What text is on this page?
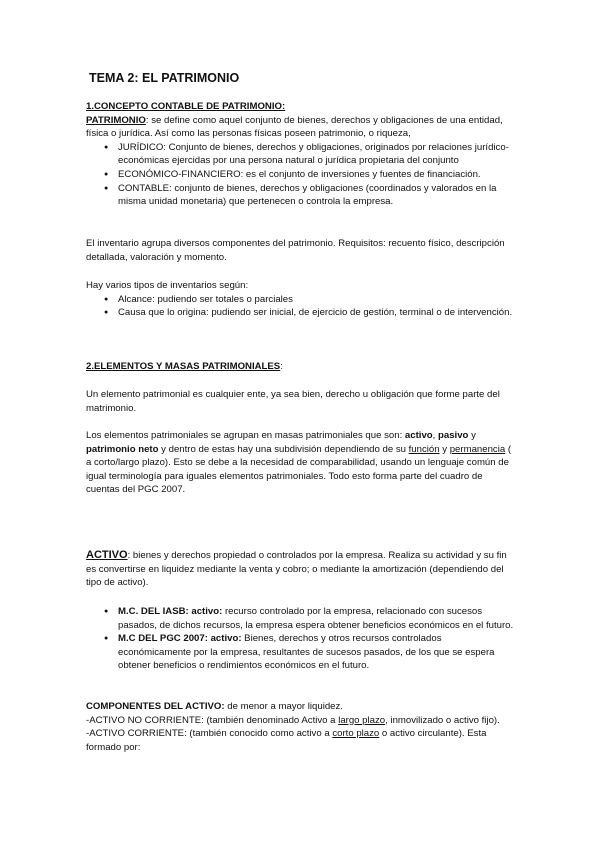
TEMA 2: EL PATRIMONIO

1.CONCEPTO CONTABLE DE PATRIMONIO:

PATRIMONIO: se define como aquel conjunto de bienes, derechos y obligaciones de una entidad, física o jurídica. Así como las personas físicas poseen patrimonio, o riqueza,

● JURÍDICO: Conjunto de bienes, derechos y obligaciones, originados por relaciones jurídico- económicas ejercidas por una persona natural o jurídica propietaria del conjunto
● ECONÓMICO-FINANCIERO: es el conjunto de inversiones y fuentes de financiación.
● CONTABLE: conjunto de bienes, derechos y obligaciones (coordinados y valorados en la misma unidad monetaria) que pertenecen o controla la empresa.

El inventario agrupa diversos componentes del patrimonio. Requisitos: recuento físico, descripción detallada, valoración y momento.

Hay varios tipos de inventarios según:

● Alcance: pudiendo ser totales o parciales
● Causa que lo origina: pudiendo ser inicial, de ejercicio de gestión, terminal o de intervención.

2.ELEMENTOS Y MASAS PATRIMONIALES:

Un elemento patrimonial es cualquier ente, ya sea bien, derecho u obligación que forme parte del matrimonio.

Los elementos patrimoniales se agrupan en masas patrimoniales que son: activo, pasivo y patrimonio neto y dentro de estas hay una subdivisión dependiendo de su función y permanencia ( a corto/largo plazo). Esto se debe a la necesidad de comparabilidad, usando un lenguaje común de igual terminología para iguales elementos patrimoniales. Todo esto forma parte del cuadro de cuentas del PGC 2007.

ACTIVO: bienes y derechos propiedad o controlados por la empresa. Realiza su actividad y su fin es convertirse en liquidez mediante la venta y cobro; o mediante la amortización (dependiendo del tipo de activo).

● M.C. DEL IASB: activo: recurso controlado por la empresa, relacionado con sucesos pasados, de dichos recursos, la empresa espera obtener beneficios económicos en el futuro.
● M.C DEL PGC 2007: activo: Bienes, derechos y otros recursos controlados económicamente por la empresa, resultantes de sucesos pasados, de los que se espera obtener beneficios o rendimientos económicos en el futuro.

COMPONENTES DEL ACTIVO: de menor a mayor liquidez.

-ACTIVO NO CORRIENTE: (también denominado Activo a largo plazo, inmovilizado o activo fijo).

-ACTIVO CORRIENTE: (también conocido como activo a corto plazo o activo circulante). Esta formado por:
